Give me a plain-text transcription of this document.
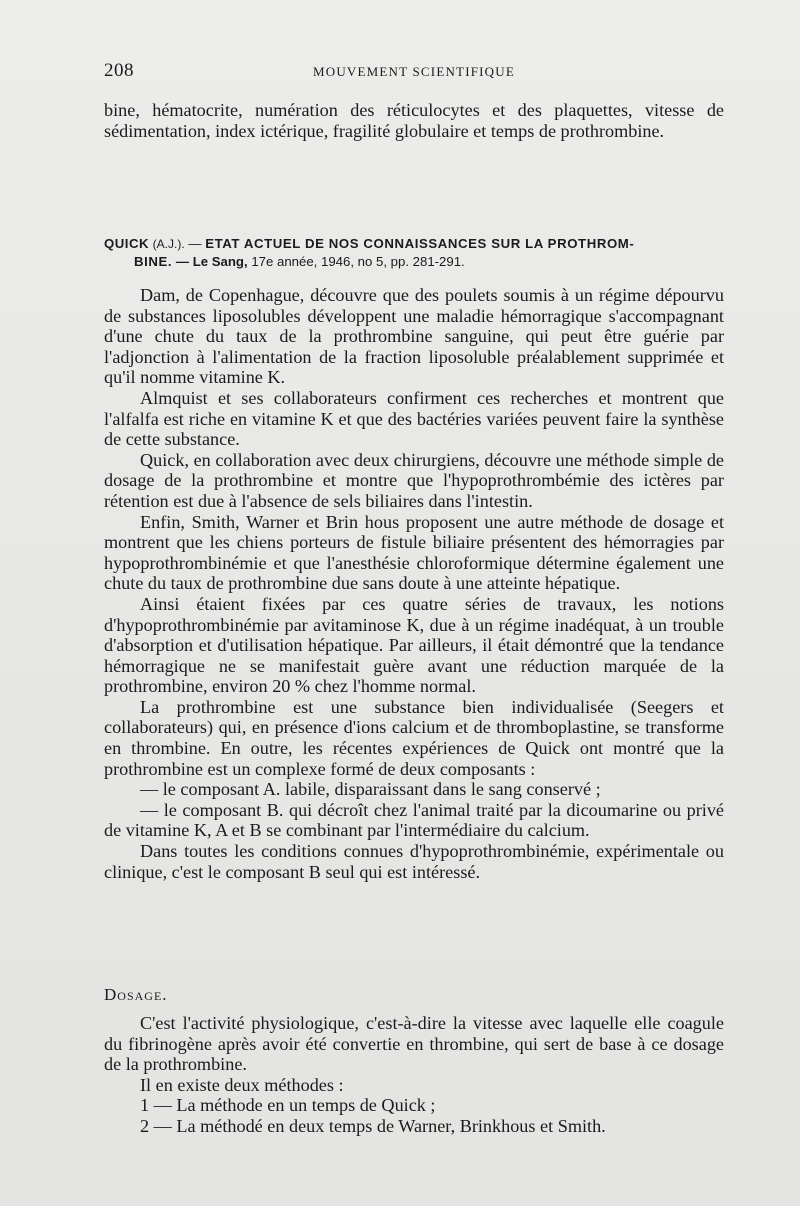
208	MOUVEMENT SCIENTIFIQUE

bine, hématocrite, numération des réticulocytes et des plaquettes, vitesse de sédimentation, index ictérique, fragilité globulaire et temps de prothrombine.

QUICK (A.J.). — ETAT ACTUEL DE NOS CONNAISSANCES SUR LA PROTHROM-
BINE. — Le Sang, 17e année, 1946, no 5, pp. 281-291.

Dam, de Copenhague, découvre que des poulets soumis à un régime dépourvu de substances liposolubles développent une maladie hémorragique s'accompagnant d'une chute du taux de la prothrombine sanguine, qui peut être guérie par l'adjonction à l'alimentation de la fraction liposoluble préalablement supprimée et qu'il nomme vitamine K.

Almquist et ses collaborateurs confirment ces recherches et montrent que l'alfalfa est riche en vitamine K et que des bactéries variées peuvent faire la synthèse de cette substance.

Quick, en collaboration avec deux chirurgiens, découvre une méthode simple de dosage de la prothrombine et montre que l'hypoprothrombémie des ictères par rétention est due à l'absence de sels biliaires dans l'intestin.

Enfin, Smith, Warner et Brin hous proposent une autre méthode de dosage et montrent que les chiens porteurs de fistule biliaire présentent des hémorragies par hypoprothrombinémie et que l'anesthésie chloroformique détermine également une chute du taux de prothrombine due sans doute à une atteinte hépatique.

Ainsi étaient fixées par ces quatre séries de travaux, les notions d'hypoprothrombinémie par avitaminose K, due à un régime inadéquat, à un trouble d'absorption et d'utilisation hépatique. Par ailleurs, il était démontré que la tendance hémorragique ne se manifestait guère avant une réduction marquée de la prothrombine, environ 20 % chez l'homme normal.

La prothrombine est une substance bien individualisée (Seegers et collaborateurs) qui, en présence d'ions calcium et de thromboplastine, se transforme en thrombine. En outre, les récentes expériences de Quick ont montré que la prothrombine est un complexe formé de deux composants :

— le composant A. labile, disparaissant dans le sang conservé ;

— le composant B. qui décroît chez l'animal traité par la dicoumarine ou privé de vitamine K, A et B se combinant par l'intermédiaire du calcium.

Dans toutes les conditions connues d'hypoprothrombinémie, expérimentale ou clinique, c'est le composant B seul qui est intéressé.

Dosage.

C'est l'activité physiologique, c'est-à-dire la vitesse avec laquelle elle coagule du fibrinogène après avoir été convertie en thrombine, qui sert de base à ce dosage de la prothrombine.

Il en existe deux méthodes :

1 — La méthode en un temps de Quick ;

2 — La méthodé en deux temps de Warner, Brinkhous et Smith.
